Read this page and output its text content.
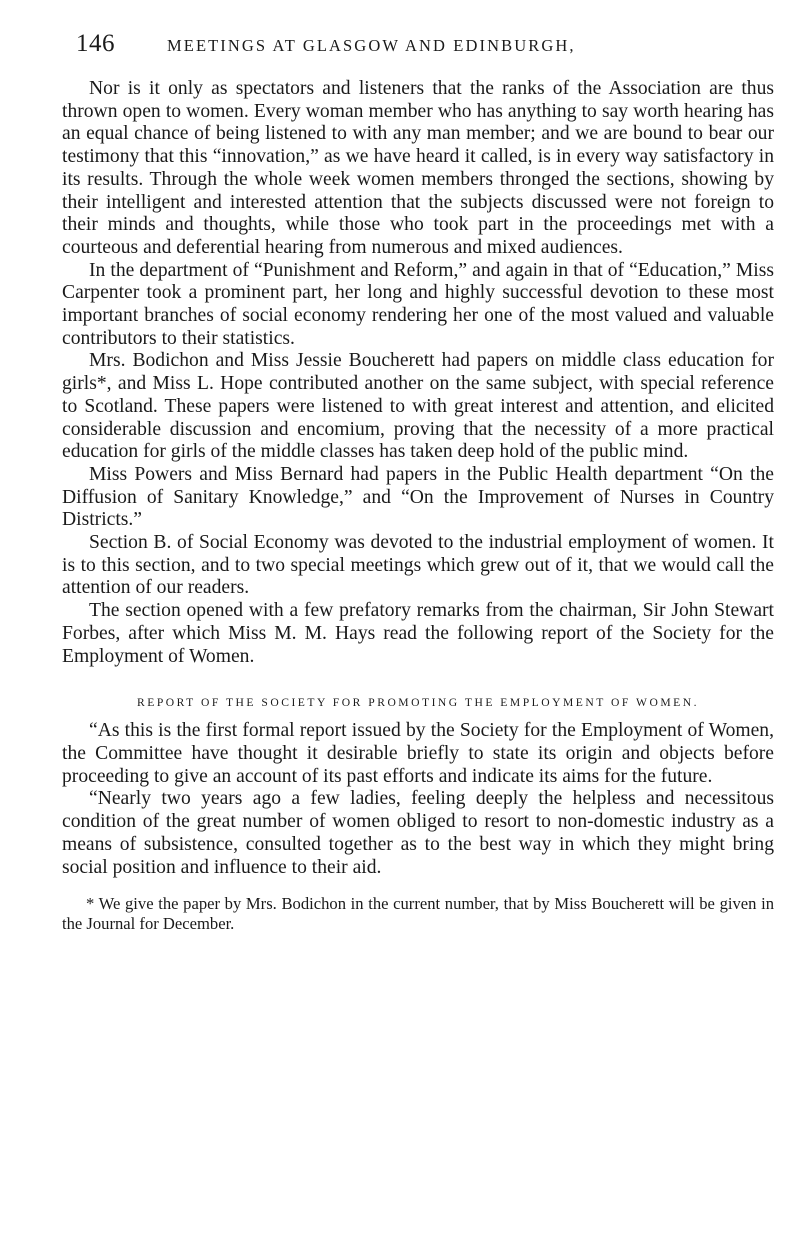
146	MEETINGS AT GLASGOW AND EDINBURGH,

Nor is it only as spectators and listeners that the ranks of the Association are thus thrown open to women. Every woman member who has anything to say worth hearing has an equal chance of being listened to with any man member; and we are bound to bear our testimony that this “innovation,” as we have heard it called, is in every way satisfactory in its results. Through the whole week women members thronged the sections, showing by their intelligent and interested attention that the subjects discussed were not foreign to their minds and thoughts, while those who took part in the proceedings met with a courteous and deferential hearing from numerous and mixed audiences.

In the department of “Punishment and Reform,” and again in that of “Education,” Miss Carpenter took a prominent part, her long and highly successful devotion to these most important branches of social economy rendering her one of the most valued and valuable contributors to their statistics.

Mrs. Bodichon and Miss Jessie Boucherett had papers on middle class education for girls*, and Miss L. Hope contributed another on the same subject, with special reference to Scotland. These papers were listened to with great interest and attention, and elicited considerable discussion and encomium, proving that the necessity of a more practical education for girls of the middle classes has taken deep hold of the public mind.

Miss Powers and Miss Bernard had papers in the Public Health department “On the Diffusion of Sanitary Knowledge,” and “On the Improvement of Nurses in Country Districts.”

Section B. of Social Economy was devoted to the industrial employment of women. It is to this section, and to two special meetings which grew out of it, that we would call the attention of our readers.

The section opened with a few prefatory remarks from the chairman, Sir John Stewart Forbes, after which Miss M. M. Hays read the following report of the Society for the Employment of Women.

REPORT OF THE SOCIETY FOR PROMOTING THE EMPLOYMENT OF WOMEN.

“As this is the first formal report issued by the Society for the Employment of Women, the Committee have thought it desirable briefly to state its origin and objects before proceeding to give an account of its past efforts and indicate its aims for the future.

“Nearly two years ago a few ladies, feeling deeply the helpless and necessitous condition of the great number of women obliged to resort to non-domestic industry as a means of subsistence, consulted together as to the best way in which they might bring social position and influence to their aid.

* We give the paper by Mrs. Bodichon in the current number, that by Miss Boucherett will be given in the Journal for December.
